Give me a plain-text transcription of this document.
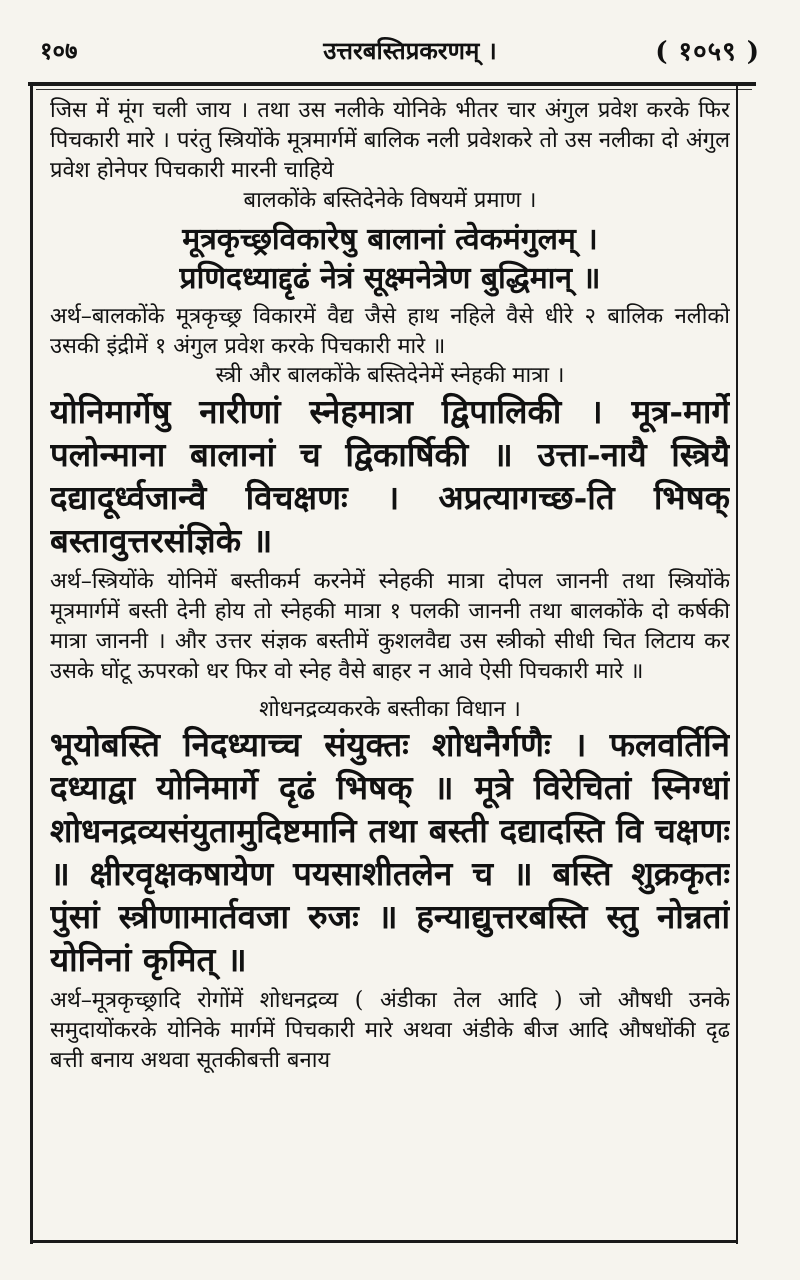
१०७	उत्तरबस्तिप्रकरणम् ।	( १०५९ )

जिस में मूंग चली जाय । तथा उस नलीके योनिके भीतर चार अंगुल प्रवेश करके फिर पिचकारी मारे । परंतु स्त्रियोंके मूत्रमार्गमें बालिक नली प्रवेशकरे तो उस नलीका दो अंगुल प्रवेश होनेपर पिचकारी मारनी चाहिये

बालकोंके बस्तिदेनेके विषयमें प्रमाण ।

मूत्रकृच्छ्रविकारेषु बालानां त्वेकमंगुलम् ।

प्रणिदध्याद्दृढं नेत्रं सूक्ष्मनेत्रेण बुद्धिमान् ॥

अर्थ–बालकोंके मूत्रकृच्छ्र विकारमें वैद्य जैसे हाथ नहिले वैसे धीरे २ बालिक नलीको उसकी इंद्रीमें १ अंगुल प्रवेश करके पिचकारी मारे ॥

स्त्री और बालकोंके बस्तिदेनेमें स्नेहकी मात्रा ।

योनिमार्गेषु नारीणां स्नेहमात्रा द्विपालिकी । मूत्र-मार्गे पलोन्माना बालानां च द्विकार्षिकी ॥ उत्ता-नायै स्त्रियै दद्यादूर्ध्वजान्वै विचक्षणः । अप्रत्यागच्छ-ति भिषक् बस्तावुत्तरसंज्ञिके ॥

अर्थ–स्त्रियोंके योनिमें बस्तीकर्म करनेमें स्नेहकी मात्रा दोपल जाननी तथा स्त्रियोंके मूत्रमार्गमें बस्ती देनी होय तो स्नेहकी मात्रा १ पलकी जाननी तथा बालकोंके दो कर्षकी मात्रा जाननी । और उत्तर संज्ञक बस्तीमें कुशलवैद्य उस स्त्रीको सीधी चित लिटाय कर उसके घोंटू ऊपरको धर फिर वो स्नेह वैसे बाहर न आवे ऐसी पिचकारी मारे ॥

शोधनद्रव्यकरके बस्तीका विधान ।

भूयोबस्ति निदध्याच्च संयुक्तः शोधनैर्गणैः । फलवर्तिनि दध्याद्वा योनिमार्गे दृढं भिषक् ॥ मूत्रे विरेचितां स्निग्धां शोधनद्रव्यसंयुतामुदिष्टमानि तथा बस्ती दद्यादस्ति वि चक्षणः ॥ क्षीरवृक्षकषायेण पयसाशीतलेन च ॥ बस्ति शुक्रकृतः पुंसां स्त्रीणामार्तवजा रुजः ॥ हन्याद्युत्तरबस्ति स्तु नोन्नतां योनिनां कृमित् ॥

अर्थ–मूत्रकृच्छ्रादि रोगोंमें शोधनद्रव्य ( अंडीका तेल आदि ) जो औषधी उनके समुदायोंकरके योनिके मार्गमें पिचकारी मारे अथवा अंडीके बीज आदि औषधोंकी दृढ बत्ती बनाय अथवा सूतकीबत्ती बनाय
